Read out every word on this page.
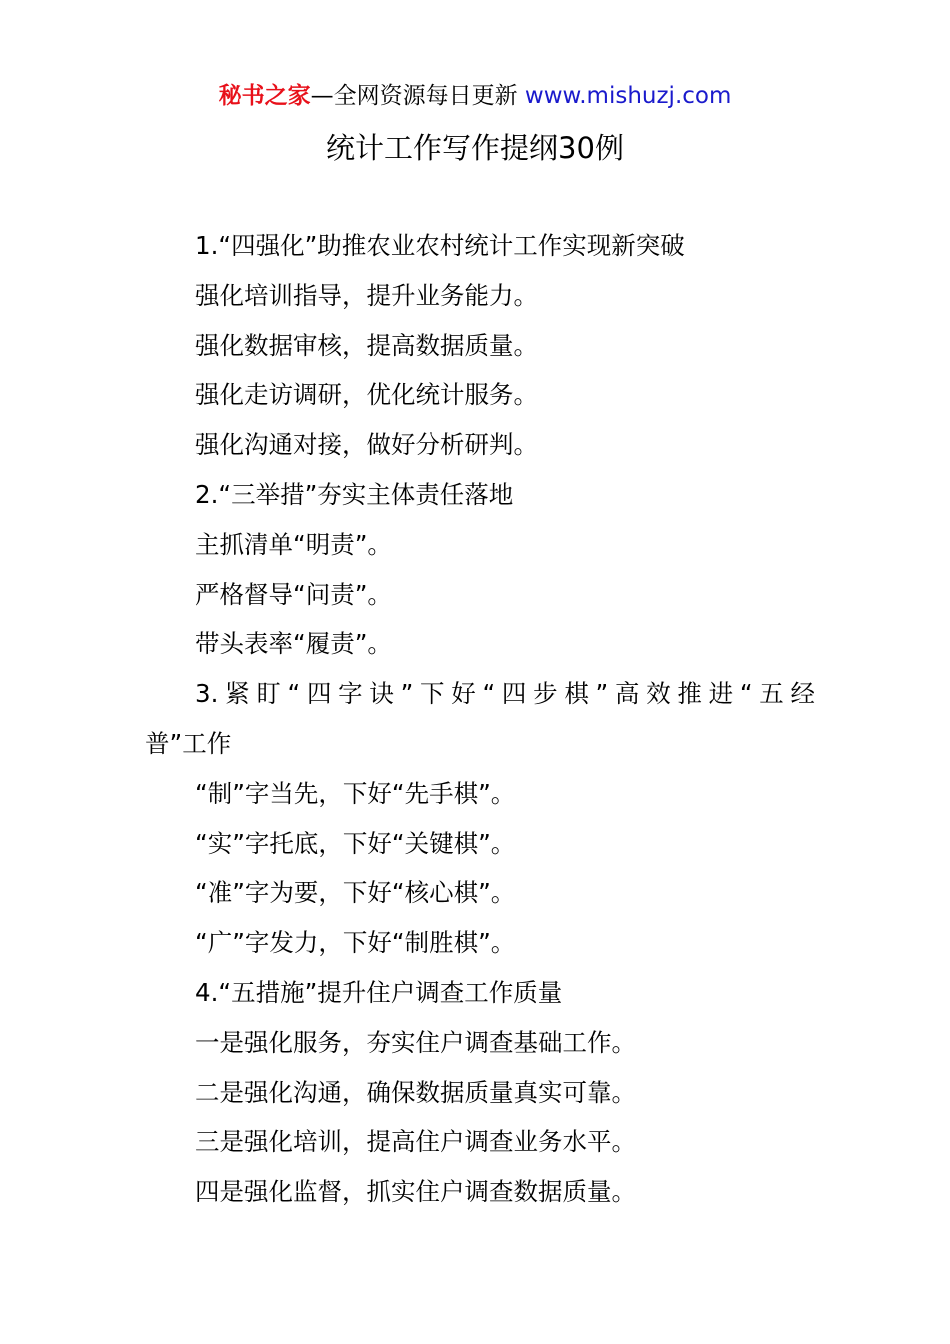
秘书之家—全网资源每日更新 www.mishuzj.com
统计工作写作提纲30例
1.“四强化”助推农业农村统计工作实现新突破
强化培训指导，提升业务能力。
强化数据审核，提高数据质量。
强化走访调研，优化统计服务。
强化沟通对接，做好分析研判。
2.“三举措”夯实主体责任落地
主抓清单“明责”。
严格督导“问责”。
带头表率“履责”。
3.紧盯“四字诀”下好“四步棋”高效推进“五经
普”工作
“制”字当先，下好“先手棋”。
“实”字托底，下好“关键棋”。
“准”字为要，下好“核心棋”。
“广”字发力，下好“制胜棋”。
4.“五措施”提升住户调查工作质量
一是强化服务，夯实住户调查基础工作。
二是强化沟通，确保数据质量真实可靠。
三是强化培训，提高住户调查业务水平。
四是强化监督，抓实住户调查数据质量。
